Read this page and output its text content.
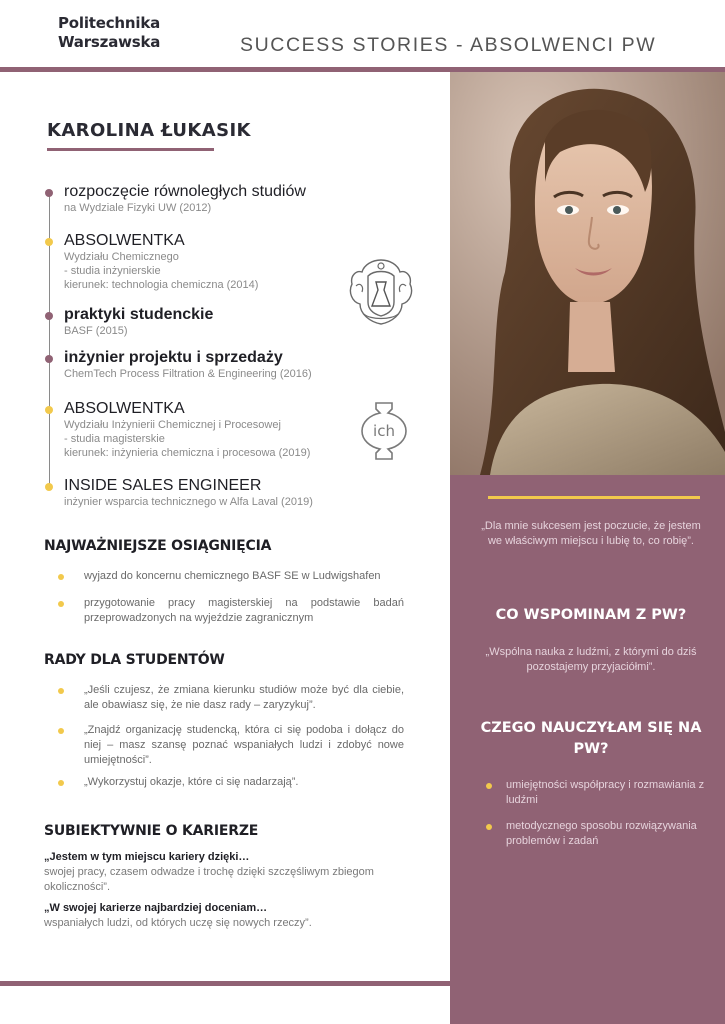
Politechnika
Warszawska	SUCCESS STORIES - ABSOLWENCI PW
„Dla mnie sukcesem jest poczucie, że jestem we właściwym miejscu i lubię to, co robię”.
CO WSPOMINAM Z PW?
„Wspólna nauka z ludźmi, z którymi do dziś pozostajemy przyjaciółmi”.
CZEGO NAUCZYŁAM SIĘ NA PW?
umiejętności współpracy i rozmawiania z ludźmi
metodycznego sposobu rozwiązywania problemów i zadań
KAROLINA ŁUKASIK
rozpoczęcie równoległych studiów
na Wydziale Fizyki UW (2012)
ABSOLWENTKA
Wydziału Chemicznego
- studia inżynierskie
kierunek: technologia chemiczna (2014)
praktyki studenckie
BASF (2015)
inżynier projektu i sprzedaży
ChemTech Process Filtration & Engineering (2016)
ABSOLWENTKA
Wydziału Inżynierii Chemicznej i Procesowej
- studia magisterskie
kierunek: inżynieria chemiczna i procesowa (2019)
INSIDE SALES ENGINEER
inżynier wsparcia technicznego w Alfa Laval (2019)
ich
NAJWAŻNIEJSZE OSIĄGNIĘCIA
wyjazd do koncernu chemicznego BASF SE w Ludwigshafen
przygotowanie pracy magisterskiej na podstawie badań przeprowadzonych na wyjeździe zagranicznym
RADY DLA STUDENTÓW
„Jeśli czujesz, że zmiana kierunku studiów może być dla ciebie, ale obawiasz się, że nie dasz rady – zaryzykuj”.
„Znajdź organizację studencką, która ci się podoba i dołącz do niej – masz szansę poznać wspaniałych ludzi i zdobyć nowe umiejętności”.
„Wykorzystuj okazje, które ci się nadarzają”.
SUBIEKTYWNIE O KARIERZE
„Jestem w tym miejscu kariery dzięki…
swojej pracy, czasem odwadze i trochę dzięki szczęśliwym zbiegom okoliczności”.
„W swojej karierze najbardziej doceniam…
wspaniałych ludzi, od których uczę się nowych rzeczy”.
